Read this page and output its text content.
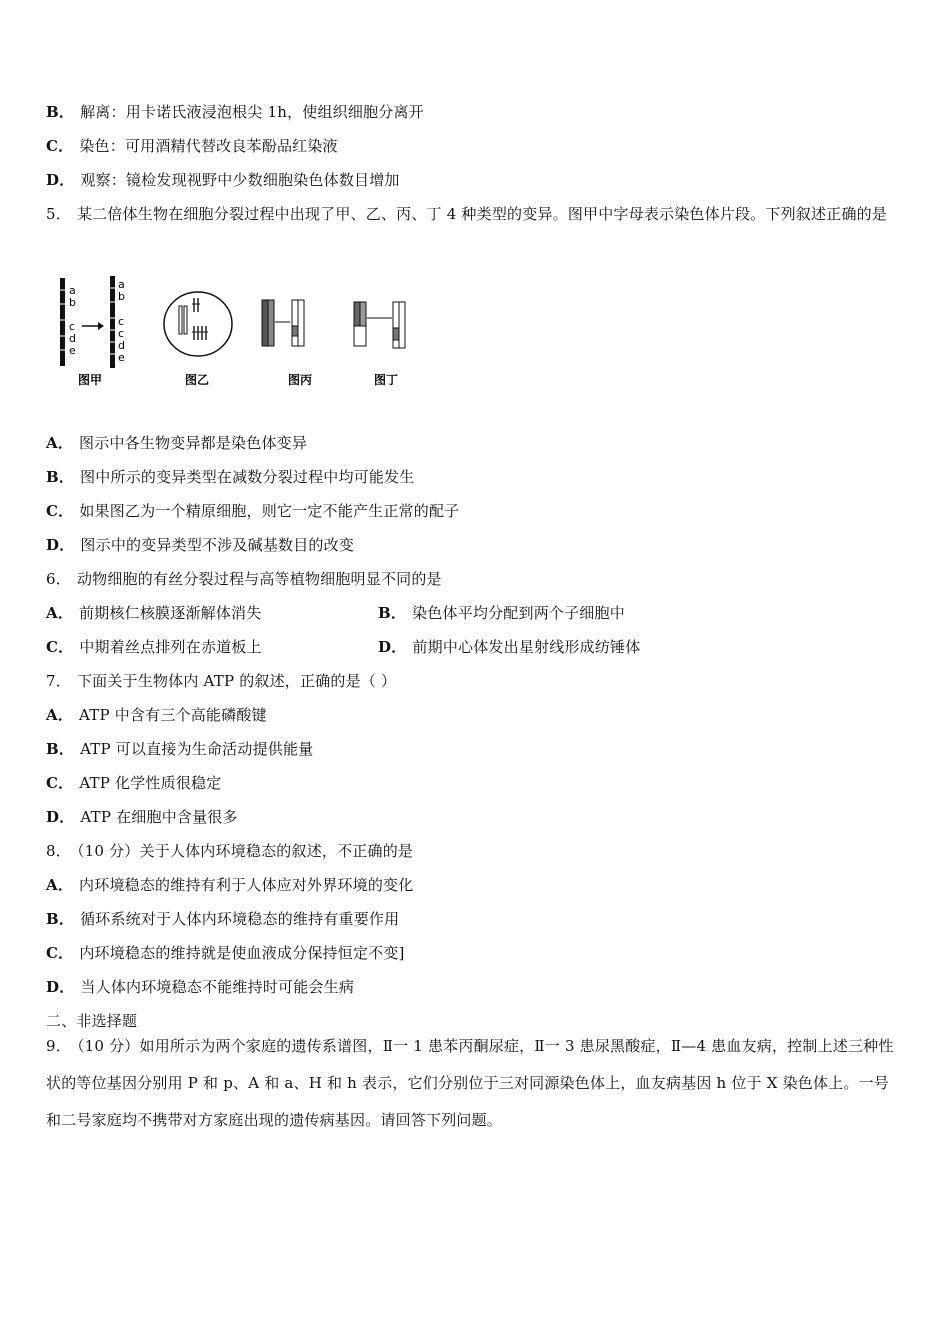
B． 解离：用卡诺氏液浸泡根尖 1h，使组织细胞分离开
C． 染色：可用酒精代替改良苯酚品红染液
D． 观察：镜检发现视野中少数细胞染色体数目增加
5． 某二倍体生物在细胞分裂过程中出现了甲、乙、丙、丁 4 种类型的变异。图甲中字母表示染色体片段。下列叙述正确的是
a
b
c
d
e
a
b
c
c
d
e
图甲	图乙	图丙	图丁
A． 图示中各生物变异都是染色体变异
B． 图中所示的变异类型在减数分裂过程中均可能发生
C． 如果图乙为一个精原细胞，则它一定不能产生正常的配子
D． 图示中的变异类型不涉及碱基数目的改变
6． 动物细胞的有丝分裂过程与高等植物细胞明显不同的是
A． 前期核仁核膜逐渐解体消失	B． 染色体平均分配到两个子细胞中
C． 中期着丝点排列在赤道板上	D． 前期中心体发出星射线形成纺锤体
7． 下面关于生物体内 ATP 的叙述，正确的是（ ）
A． ATP 中含有三个高能磷酸键
B． ATP 可以直接为生命活动提供能量
C． ATP 化学性质很稳定
D． ATP 在细胞中含量很多
8． （10 分）关于人体内环境稳态的叙述，不正确的是
A． 内环境稳态的维持有利于人体应对外界环境的变化
B． 循环系统对于人体内环境稳态的维持有重要作用
C． 内环境稳态的维持就是使血液成分保持恒定不变]
D． 当人体内环境稳态不能维持时可能会生病
二、非选择题
9． （10 分）如用所示为两个家庭的遗传系谱图，Ⅱ一 1 患苯丙酮尿症，Ⅱ一 3 患尿黑酸症，Ⅱ—4 患血友病，控制上述三种性状的等位基因分别用 P 和 p、A 和 a、H 和 h 表示，它们分别位于三对同源染色体上，血友病基因 h 位于 X 染色体上。一号和二号家庭均不携带对方家庭出现的遗传病基因。请回答下列问题。
